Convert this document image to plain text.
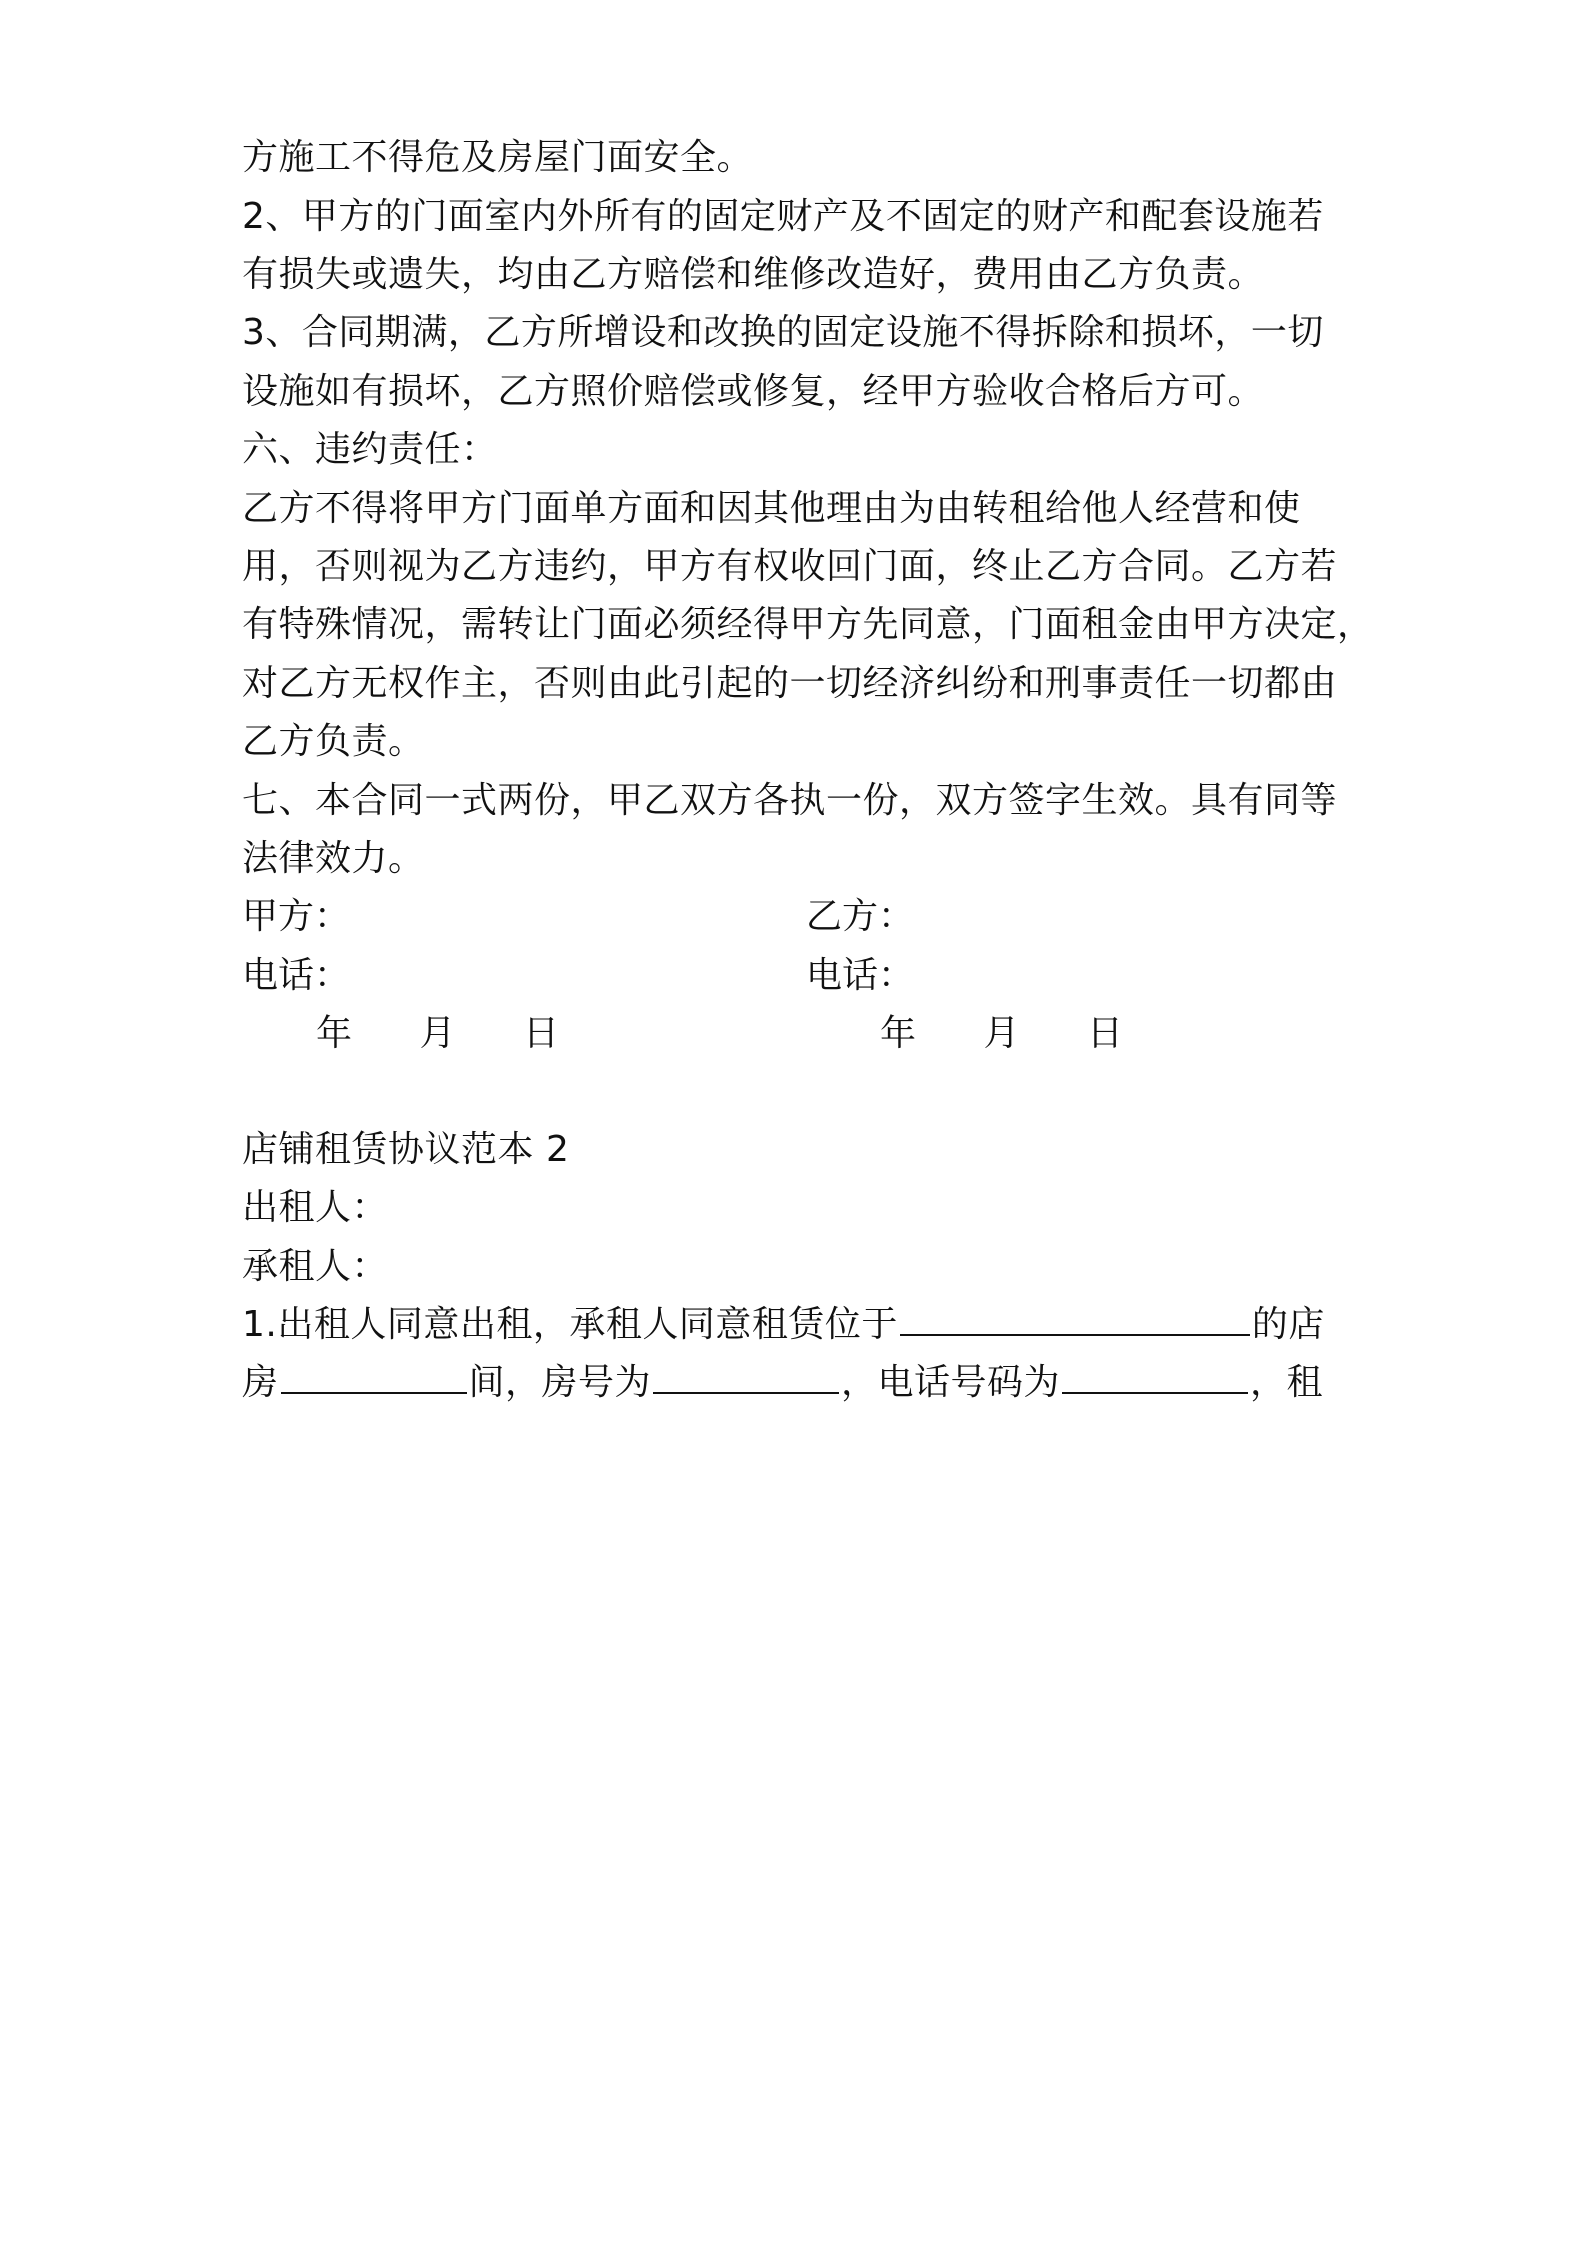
方施工不得危及房屋门面安全。
2、甲方的门面室内外所有的固定财产及不固定的财产和配套设施若
有损失或遗失，均由乙方赔偿和维修改造好，费用由乙方负责。
3、合同期满，乙方所增设和改换的固定设施不得拆除和损坏，一切
设施如有损坏，乙方照价赔偿或修复，经甲方验收合格后方可。
六、违约责任：
乙方不得将甲方门面单方面和因其他理由为由转租给他人经营和使
用，否则视为乙方违约，甲方有权收回门面，终止乙方合同。乙方若
有特殊情况，需转让门面必须经得甲方先同意，门面租金由甲方决定，
对乙方无权作主，否则由此引起的一切经济纠纷和刑事责任一切都由
乙方负责。
七、本合同一式两份，甲乙双方各执一份，双方签字生效。具有同等
法律效力。
甲方：	乙方：
电话：	电话：
年 月 日	年 月 日
店铺租赁协议范本 2
出租人：
承租人：
1.出租人同意出租，承租人同意租赁位于	的店
房	间，房号为	，电话号码为	，租
